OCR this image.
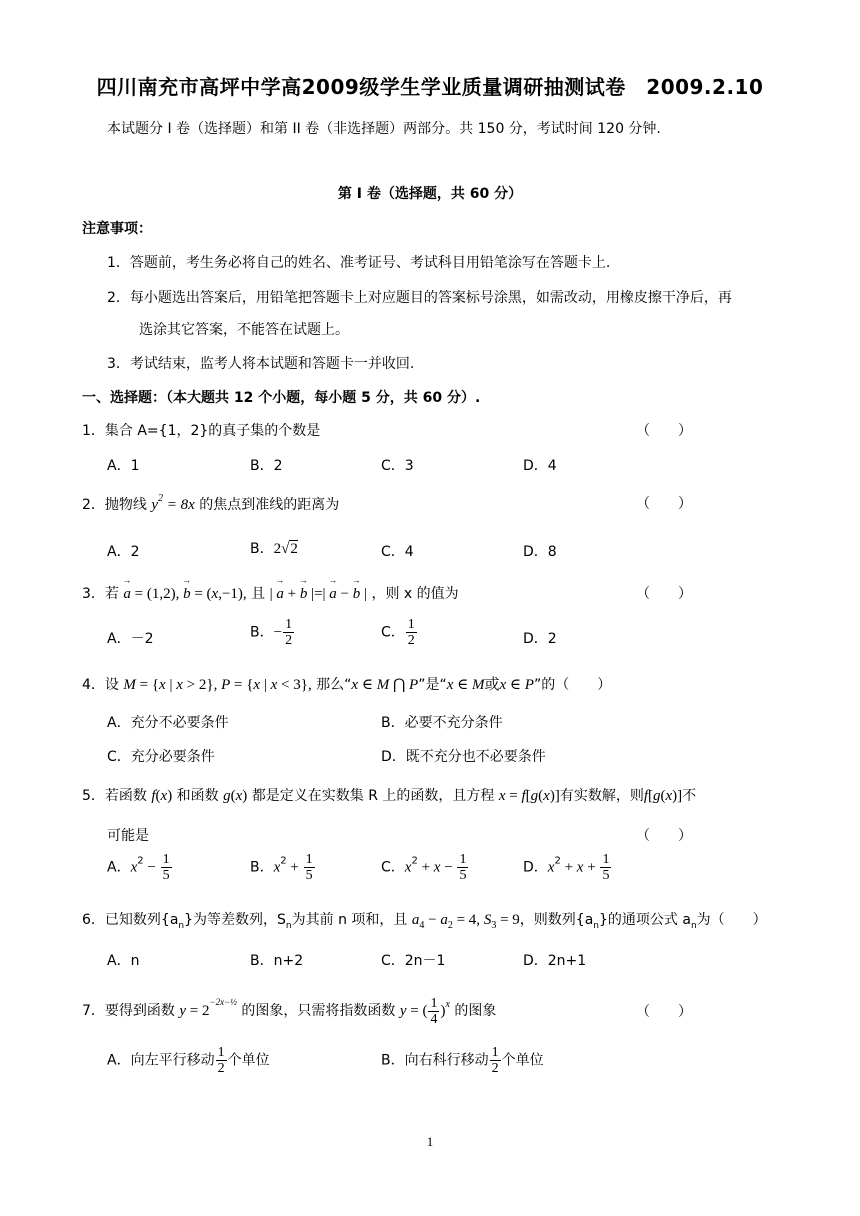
四川南充市高坪中学高2009级学生学业质量调研抽测试卷　2009.2.10
本试题分 I 卷（选择题）和第 II 卷（非选择题）两部分。共 150 分，考试时间 120 分钟.
第 I 卷（选择题，共 60 分）
注意事项：
1．答题前，考生务必将自己的姓名、准考证号、考试科目用铅笔涂写在答题卡上.
2．每小题选出答案后，用铅笔把答题卡上对应题目的答案标号涂黑，如需改动，用橡皮擦干净后，再
选涂其它答案，不能答在试题上。
3．考试结束，监考人将本试题和答题卡一并收回.
一、选择题：（本大题共 12 个小题，每小题 5 分，共 60 分）.
1．集合 A={1，2}的真子集的个数是	（　　）
A．1	B．2	C．3	D．4
2．抛物线 $y^2 = 8x$ 的焦点到准线的距离为	（　　）
A．2	B．2√2	C．4	D．8
3．若 → a = (1,2), → b = (x,−1), 且 | → a + → b |=| → a − → b | ，则 x 的值为	（　　）
A．－2	B．− $\frac{1}{2}$	C． $\frac{1}{2}$	D．2
4．设 M = {x | x > 2}, P = {x | x < 3}, 那么“x ∈ M ⋂ P”是“x ∈ M或x ∈ P”的（　　）
A．充分不必要条件	B．必要不充分条件
C．充分必要条件	D．既不充分也不必要条件
5．若函数 f(x) 和函数 g(x) 都是定义在实数集 R 上的函数，且方程 x = f[g(x)]有实数解，则f[g(x)]不
可能是	（　　）
A．$x^2 - \frac{1}{5}$	B．$x^2 + \frac{1}{5}$	C．$x^2 + x - \frac{1}{5}$	D．$x^2 + x + \frac{1}{5}$
6．已知数列$\{a_n\}$为等差数列，$S_n$为其前 n 项和，且 $a_4 - a_2 = 4$, $S_3 = 9$，则数列$\{a_n\}$的通项公式 $a_n$为（　　）
A．n	B．n+2	C．2n－1	D．2n+1
7．要得到函数 $y = 2^{-2x-\frac{1}{2}}$ 的图象，只需将指数函数 y = ( $\frac{1}{4} )^x$ 的图象	（　　）
A．向左平行移动 $\frac{1}{2}$ 个单位	B．向右科行移动 $\frac{1}{2}$ 个单位
1
